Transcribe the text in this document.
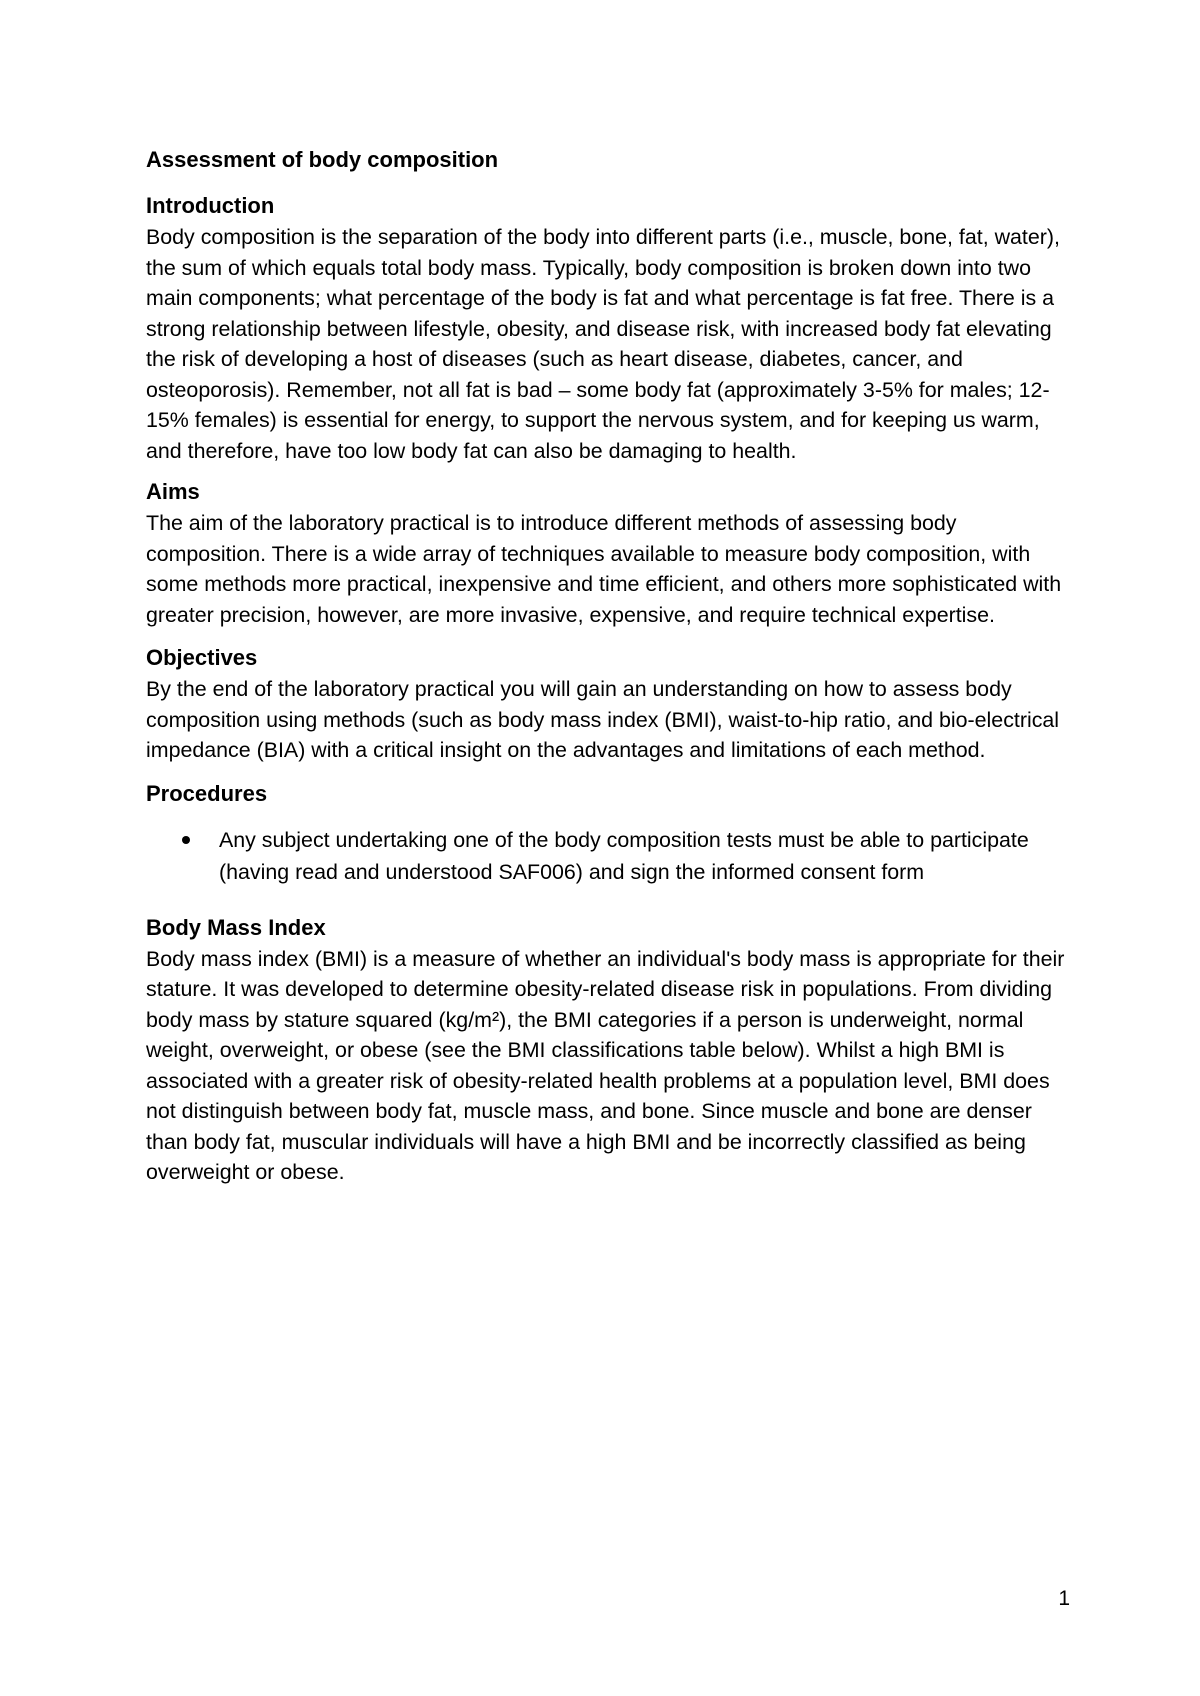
Assessment of body composition
Introduction

Body composition is the separation of the body into different parts (i.e., muscle, bone, fat, water), the sum of which equals total body mass. Typically, body composition is broken down into two main components; what percentage of the body is fat and what percentage is fat free. There is a strong relationship between lifestyle, obesity, and disease risk, with increased body fat elevating the risk of developing a host of diseases (such as heart disease, diabetes, cancer, and osteoporosis). Remember, not all fat is bad – some body fat (approximately 3-5% for males; 12-15% females) is essential for energy, to support the nervous system, and for keeping us warm, and therefore, have too low body fat can also be damaging to health.

Aims

The aim of the laboratory practical is to introduce different methods of assessing body composition. There is a wide array of techniques available to measure body composition, with some methods more practical, inexpensive and time efficient, and others more sophisticated with greater precision, however, are more invasive, expensive, and require technical expertise.

Objectives

By the end of the laboratory practical you will gain an understanding on how to assess body composition using methods (such as body mass index (BMI), waist-to-hip ratio, and bio-electrical impedance (BIA) with a critical insight on the advantages and limitations of each method.

Procedures
Any subject undertaking one of the body composition tests must be able to participate (having read and understood SAF006) and sign the informed consent form
Body Mass Index

Body mass index (BMI) is a measure of whether an individual's body mass is appropriate for their stature. It was developed to determine obesity-related disease risk in populations. From dividing body mass by stature squared (kg/m²), the BMI categories if a person is underweight, normal weight, overweight, or obese (see the BMI classifications table below). Whilst a high BMI is associated with a greater risk of obesity-related health problems at a population level, BMI does not distinguish between body fat, muscle mass, and bone. Since muscle and bone are denser than body fat, muscular individuals will have a high BMI and be incorrectly classified as being overweight or obese.

1
